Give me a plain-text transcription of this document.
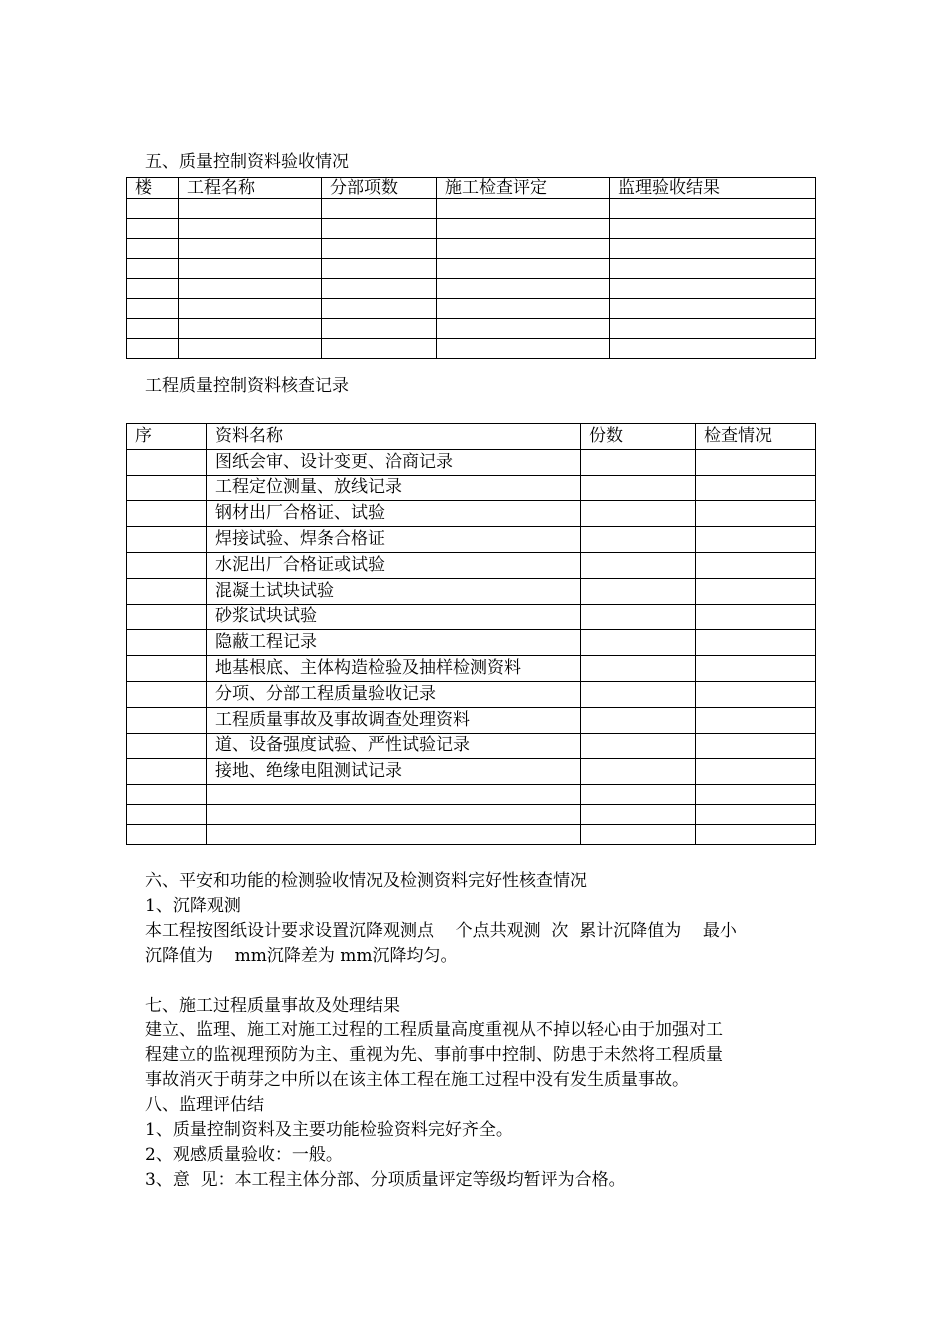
五、质量控制资料验收情况
楼	工程名称	分部项数	施工检查评定	监理验收结果

工程质量控制资料核查记录
序	资料名称	份数	检查情况
	图纸会审、设计变更、洽商记录		
	工程定位测量、放线记录		
	钢材出厂合格证、试验		
	焊接试验、焊条合格证		
	水泥出厂合格证或试验		
	混凝土试块试验		
	砂浆试块试验		
	隐蔽工程记录		
	地基根底、主体构造检验及抽样检测资料		
	分项、分部工程质量验收记录		
	工程质量事故及事故调查处理资料		
	道、设备强度试验、严性试验记录		
	接地、绝缘电阻测试记录		

六、平安和功能的检测验收情况及检测资料完好性核查情况
1、沉降观测
本工程按图纸设计要求设置沉降观测点    个点共观测  次  累计沉降值为    最小
沉降值为    mm沉降差为 mm沉降均匀。
七、施工过程质量事故及处理结果
建立、监理、施工对施工过程的工程质量高度重视从不掉以轻心由于加强对工
程建立的监视理预防为主、重视为先、事前事中控制、防患于未然将工程质量
事故消灭于萌芽之中所以在该主体工程在施工过程中没有发生质量事故。
八、监理评估结
1、质量控制资料及主要功能检验资料完好齐全。
2、观感质量验收：一般。
3、意  见：本工程主体分部、分项质量评定等级均暂评为合格。
